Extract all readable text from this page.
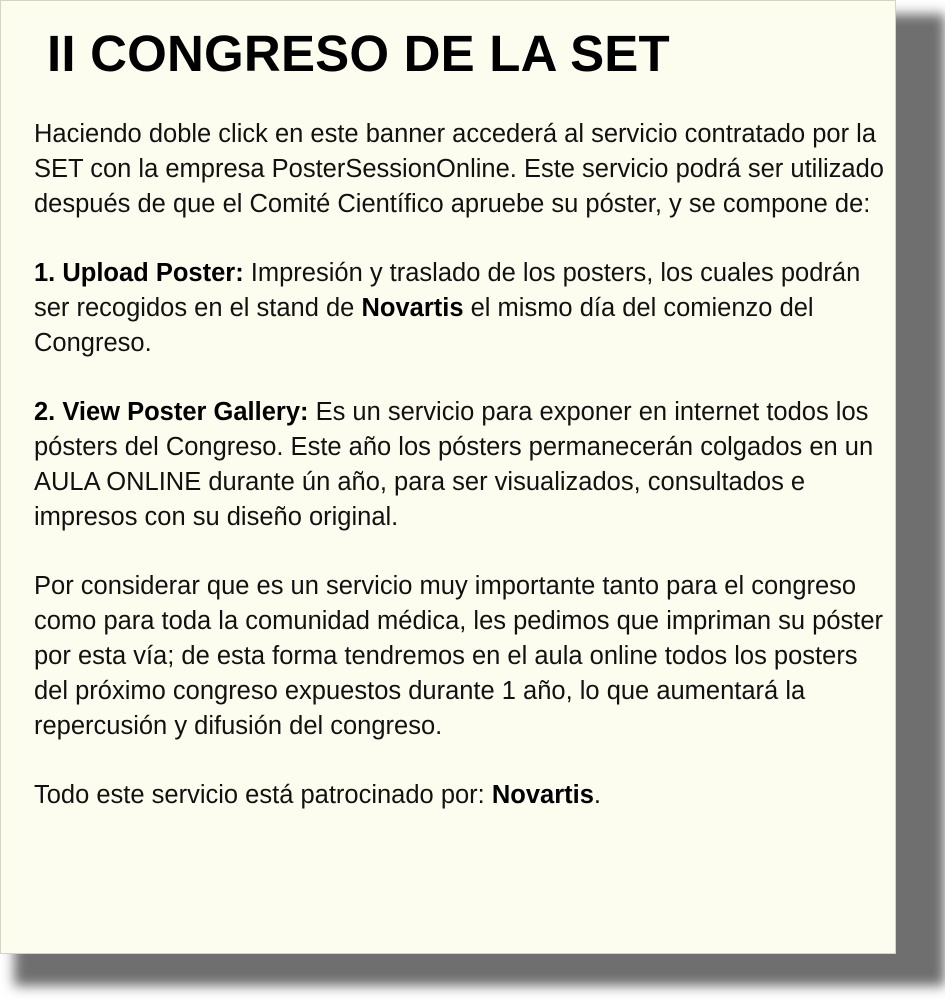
II CONGRESO DE LA SET

Haciendo doble click en este banner accederá al servicio contratado por la SET con la empresa PosterSessionOnline. Este servicio podrá ser utilizado después de que el Comité Científico apruebe su póster, y se compone de:

1. Upload Poster: Impresión y traslado de los posters, los cuales podrán ser recogidos en el stand de Novartis el mismo día del comienzo del Congreso.

2. View Poster Gallery: Es un servicio para exponer en internet todos los pósters del Congreso. Este año los pósters permanecerán colgados en un AULA ONLINE durante ún año, para ser visualizados, consultados e impresos con su diseño original.

Por considerar que es un servicio muy importante tanto para el congreso como para toda la comunidad médica, les pedimos que impriman su póster por esta vía; de esta forma tendremos en el aula online todos los posters del próximo congreso expuestos durante 1 año, lo que aumentará la repercusión y difusión del congreso.

Todo este servicio está patrocinado por: Novartis.
